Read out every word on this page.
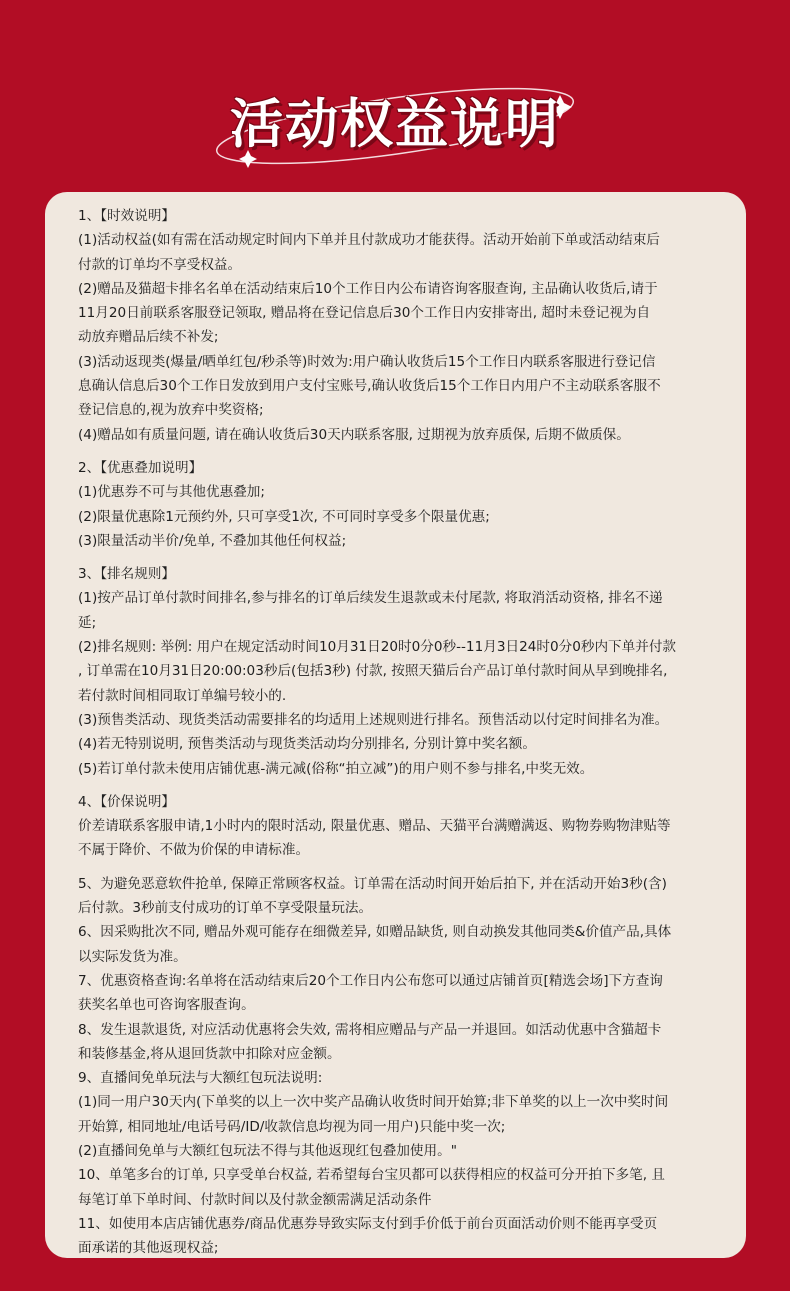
活动权益说明

1、【时效说明】

(1)活动权益(如有需在活动规定时间内下单并且付款成功才能获得。活动开始前下单或活动结束后

付款的订单均不享受权益。

(2)赠品及猫超卡排名名单在活动结束后10个工作日内公布请咨询客服查询, 主品确认收货后,请于

11月20日前联系客服登记领取, 赠品将在登记信息后30个工作日内安排寄出, 超时未登记视为自

动放弃赠品后续不补发;

(3)活动返现类(爆量/晒单红包/秒杀等)时效为:用户确认收货后15个工作日内联系客服进行登记信

息确认信息后30个工作日发放到用户支付宝账号,确认收货后15个工作日内用户不主动联系客服不

登记信息的,视为放弃中奖资格;

(4)赠品如有质量问题, 请在确认收货后30天内联系客服, 过期视为放弃质保, 后期不做质保。

2、【优惠叠加说明】

(1)优惠券不可与其他优惠叠加;

(2)限量优惠除1元预约外, 只可享受1次, 不可同时享受多个限量优惠;

(3)限量活动半价/免单, 不叠加其他任何权益;

3、【排名规则】

(1)按产品订单付款时间排名,参与排名的订单后续发生退款或未付尾款, 将取消活动资格, 排名不递

延;

(2)排名规则: 举例: 用户在规定活动时间10月31日20时0分0秒--11月3日24时0分0秒内下单并付款

, 订单需在10月31日20:00:03秒后(包括3秒) 付款, 按照天猫后台产品订单付款时间从早到晚排名,

若付款时间相同取订单编号较小的.

(3)预售类活动、现货类活动需要排名的均适用上述规则进行排名。预售活动以付定时间排名为准。

(4)若无特别说明, 预售类活动与现货类活动均分别排名, 分别计算中奖名额。

(5)若订单付款未使用店铺优惠-满元减(俗称“拍立减”)的用户则不参与排名,中奖无效。

4、【价保说明】

价差请联系客服申请,1小时内的限时活动, 限量优惠、赠品、天猫平台满赠满返、购物券购物津贴等

不属于降价、不做为价保的申请标准。

5、为避免恶意软件抢单, 保障正常顾客权益。订单需在活动时间开始后拍下, 并在活动开始3秒(含)

后付款。3秒前支付成功的订单不享受限量玩法。

6、因采购批次不同, 赠品外观可能存在细微差异, 如赠品缺货, 则自动换发其他同类&价值产品,具体

以实际发货为准。

7、优惠资格查询:名单将在活动结束后20个工作日内公布您可以通过店铺首页[精选会场]下方查询

获奖名单也可咨询客服查询。

8、发生退款退货, 对应活动优惠将会失效, 需将相应赠品与产品一并退回。如活动优惠中含猫超卡

和装修基金,将从退回货款中扣除对应金额。

9、直播间免单玩法与大额红包玩法说明:

(1)同一用户30天内(下单奖的以上一次中奖产品确认收货时间开始算;非下单奖的以上一次中奖时间

开始算, 相同地址/电话号码/ID/收款信息均视为同一用户)只能中奖一次;

(2)直播间免单与大额红包玩法不得与其他返现红包叠加使用。"

10、单笔多台的订单, 只享受单台权益, 若希望每台宝贝都可以获得相应的权益可分开拍下多笔, 且

每笔订单下单时间、付款时间以及付款金额需满足活动条件

11、如使用本店店铺优惠券/商品优惠券导致实际支付到手价低于前台页面活动价则不能再享受页

面承诺的其他返现权益;
